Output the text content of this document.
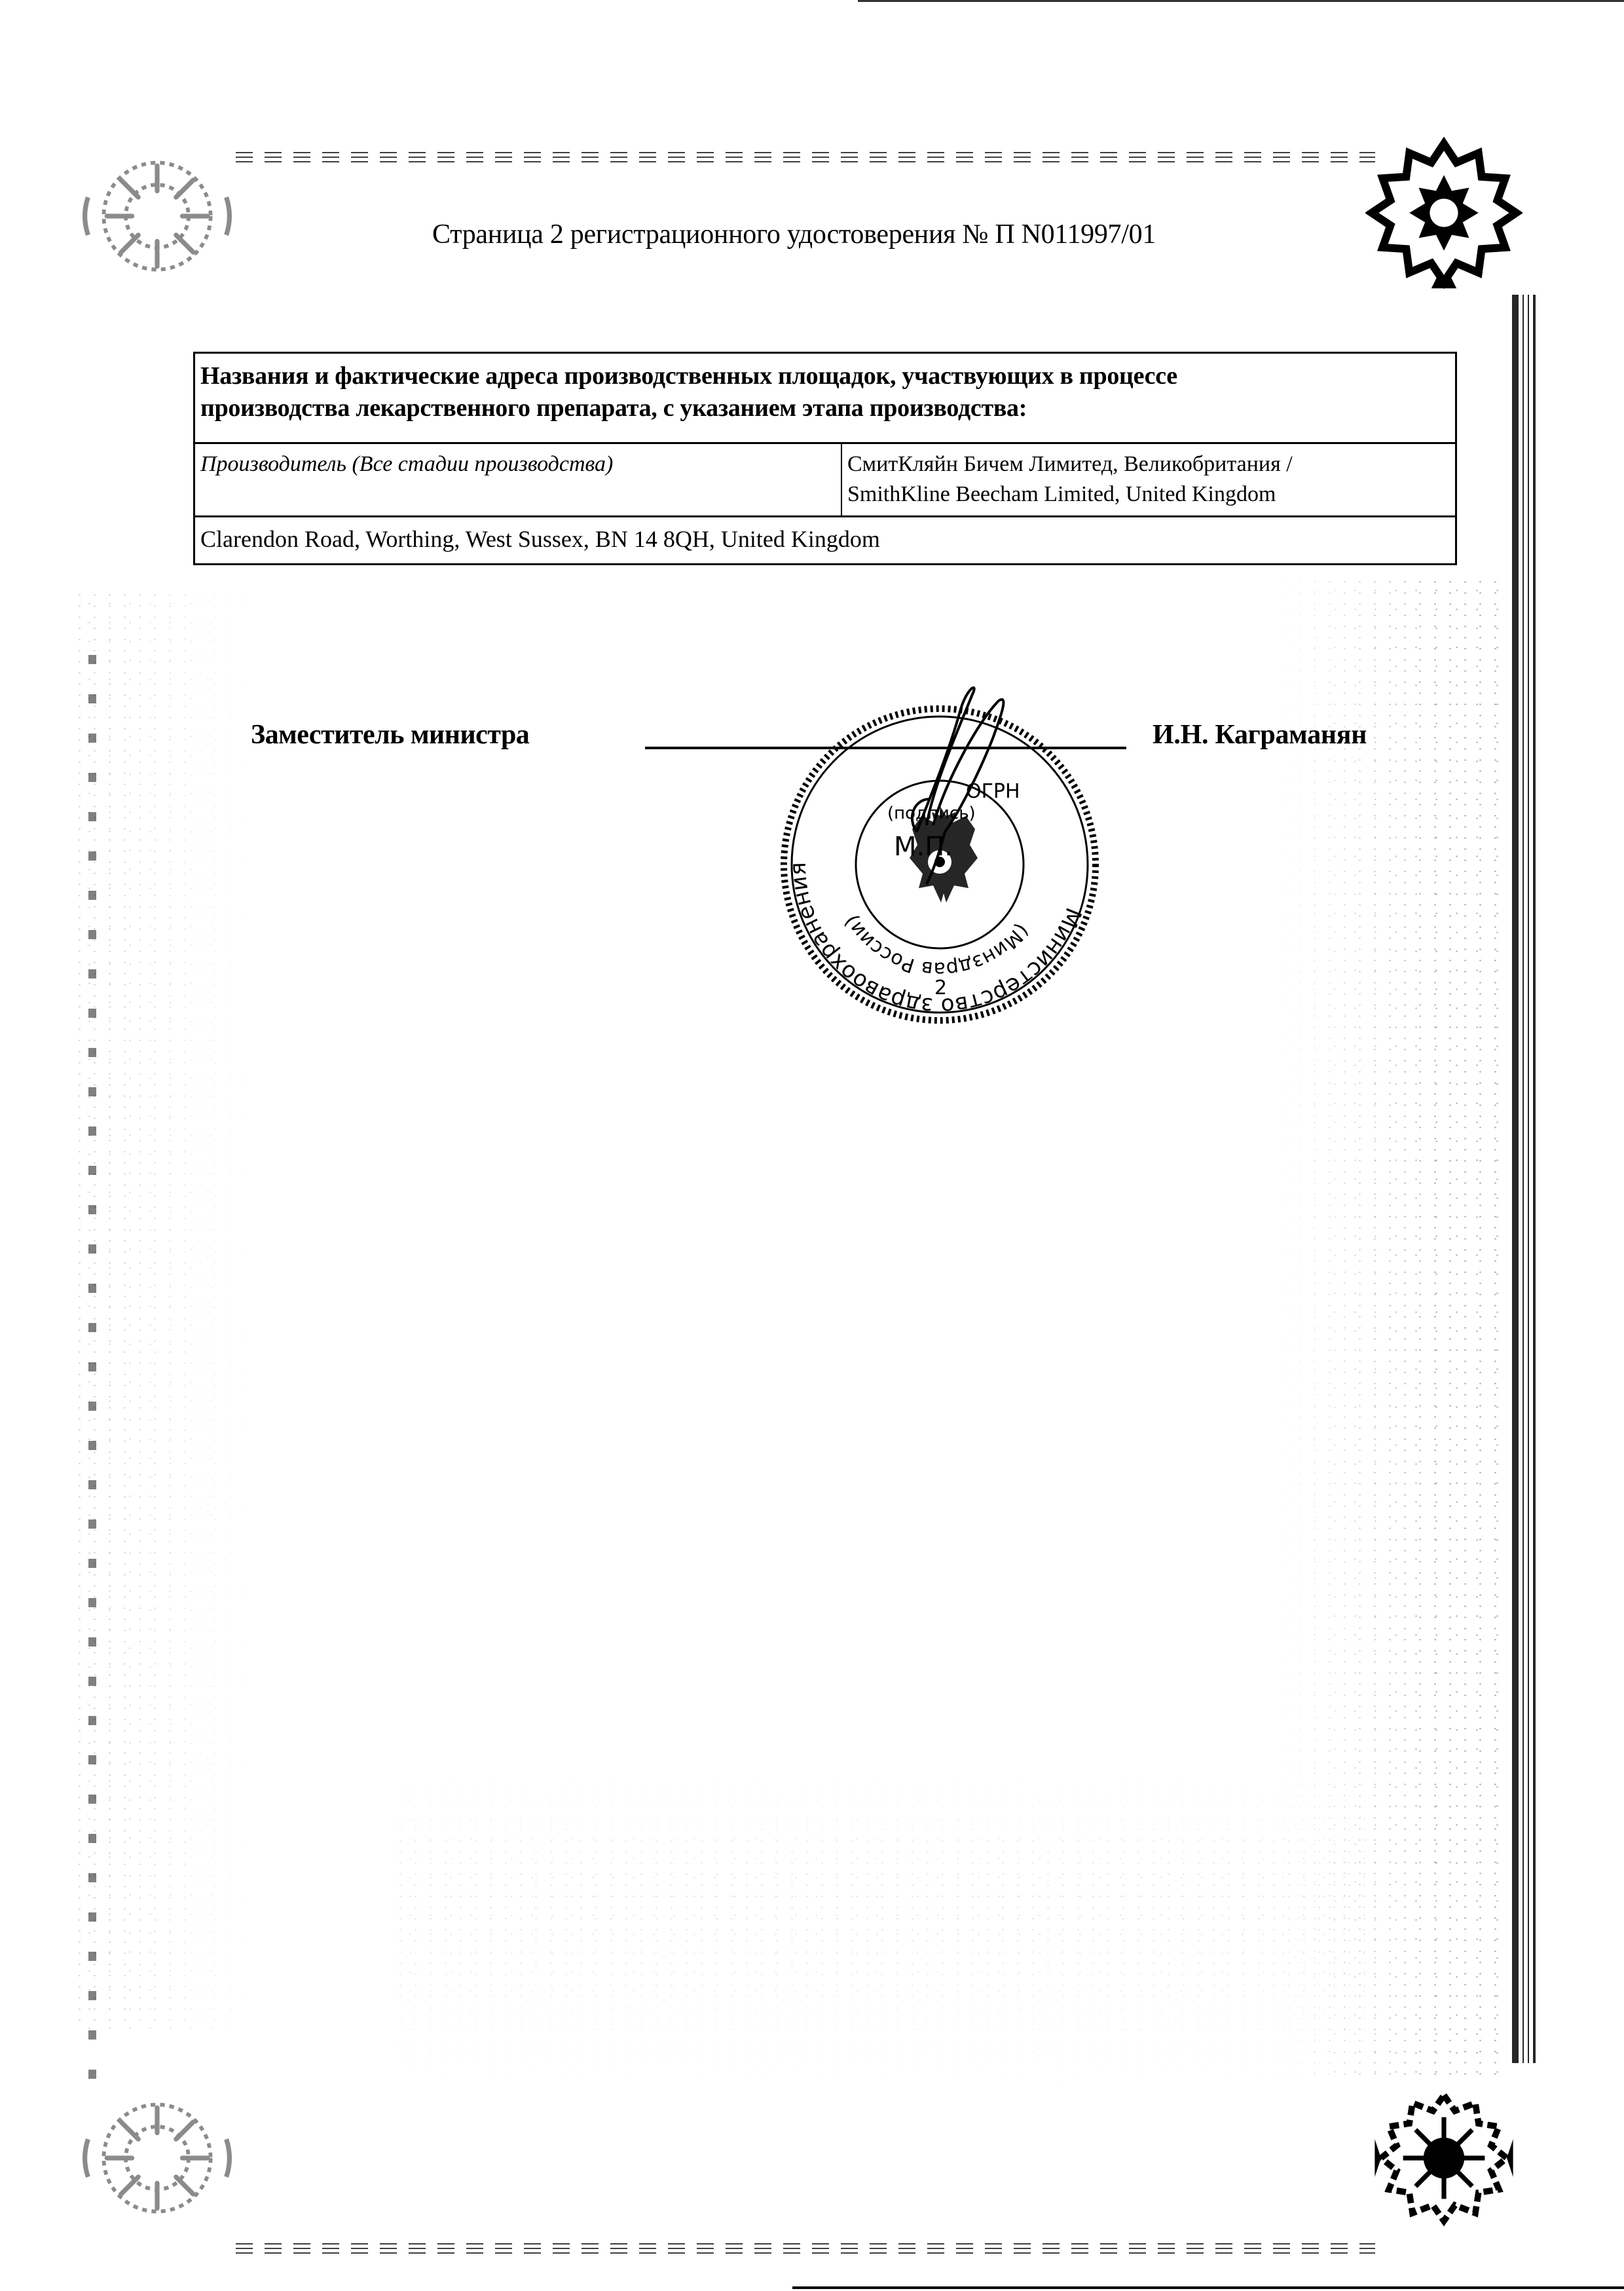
Страница 2 регистрационного удостоверения № П N011997/01
Названия и фактические адреса производственных площадок, участвующих в процессе
производства лекарственного препарата, с указанием этапа производства:
Производитель (Все стадии производства)	СмитКляйн Бичем Лимитед, Великобритания /
SmithKline Beecham Limited, United Kingdom
Clarendon Road, Worthing, West Sussex, BN 14 8QH, United Kingdom
Заместитель министра	И.Н. Каграманян
Министерство здравоохранения Российской Федерации
(Минздрав России)
М.П.
(подпись)
ОГРН
2
